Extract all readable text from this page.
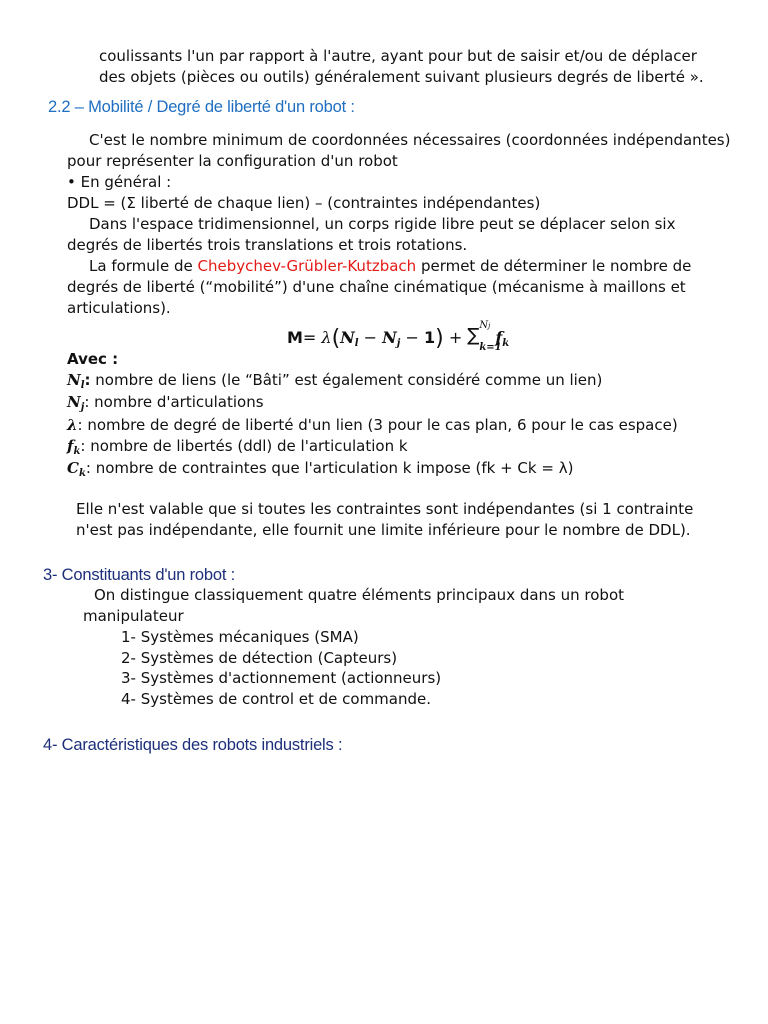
coulissants l'un par rapport à l'autre, ayant pour but de saisir et/ou de déplacer
des objets (pièces ou outils) généralement suivant plusieurs degrés de liberté ».
2.2 – Mobilité / Degré de liberté d'un robot :
C'est le nombre minimum de coordonnées nécessaires (coordonnées indépendantes)
pour représenter la configuration d'un robot
• En général :
DDL = (Σ liberté de chaque lien) – (contraintes indépendantes)
Dans l'espace tridimensionnel, un corps rigide libre peut se déplacer selon six
degrés de libertés trois translations et trois rotations.
La formule de Chebychev-Grübler-Kutzbach permet de déterminer le nombre de
degrés de liberté (“mobilité”) d'une chaîne cinématique (mécanisme à maillons et
articulations).
$M= \lambda(N_l - N_j - 1)$ + ∑ Nj
k=1
$f_k$
Avec :
$N_l$: nombre de liens (le “Bâti” est également considéré comme un lien)
$N_j$: nombre d'articulations
λ: nombre de degré de liberté d'un lien (3 pour le cas plan, 6 pour le cas espace)
$f_k$: nombre de libertés (ddl) de l'articulation k
$C_k$: nombre de contraintes que l'articulation k impose (fk + Ck = λ)
Elle n'est valable que si toutes les contraintes sont indépendantes (si 1 contrainte
n'est pas indépendante, elle fournit une limite inférieure pour le nombre de DDL).
3- Constituants d'un robot :
On distingue classiquement quatre éléments principaux dans un robot
manipulateur
1- Systèmes mécaniques (SMA)
2- Systèmes de détection (Capteurs)
3- Systèmes d'actionnement (actionneurs)
4- Systèmes de control et de commande.
4- Caractéristiques des robots industriels :
